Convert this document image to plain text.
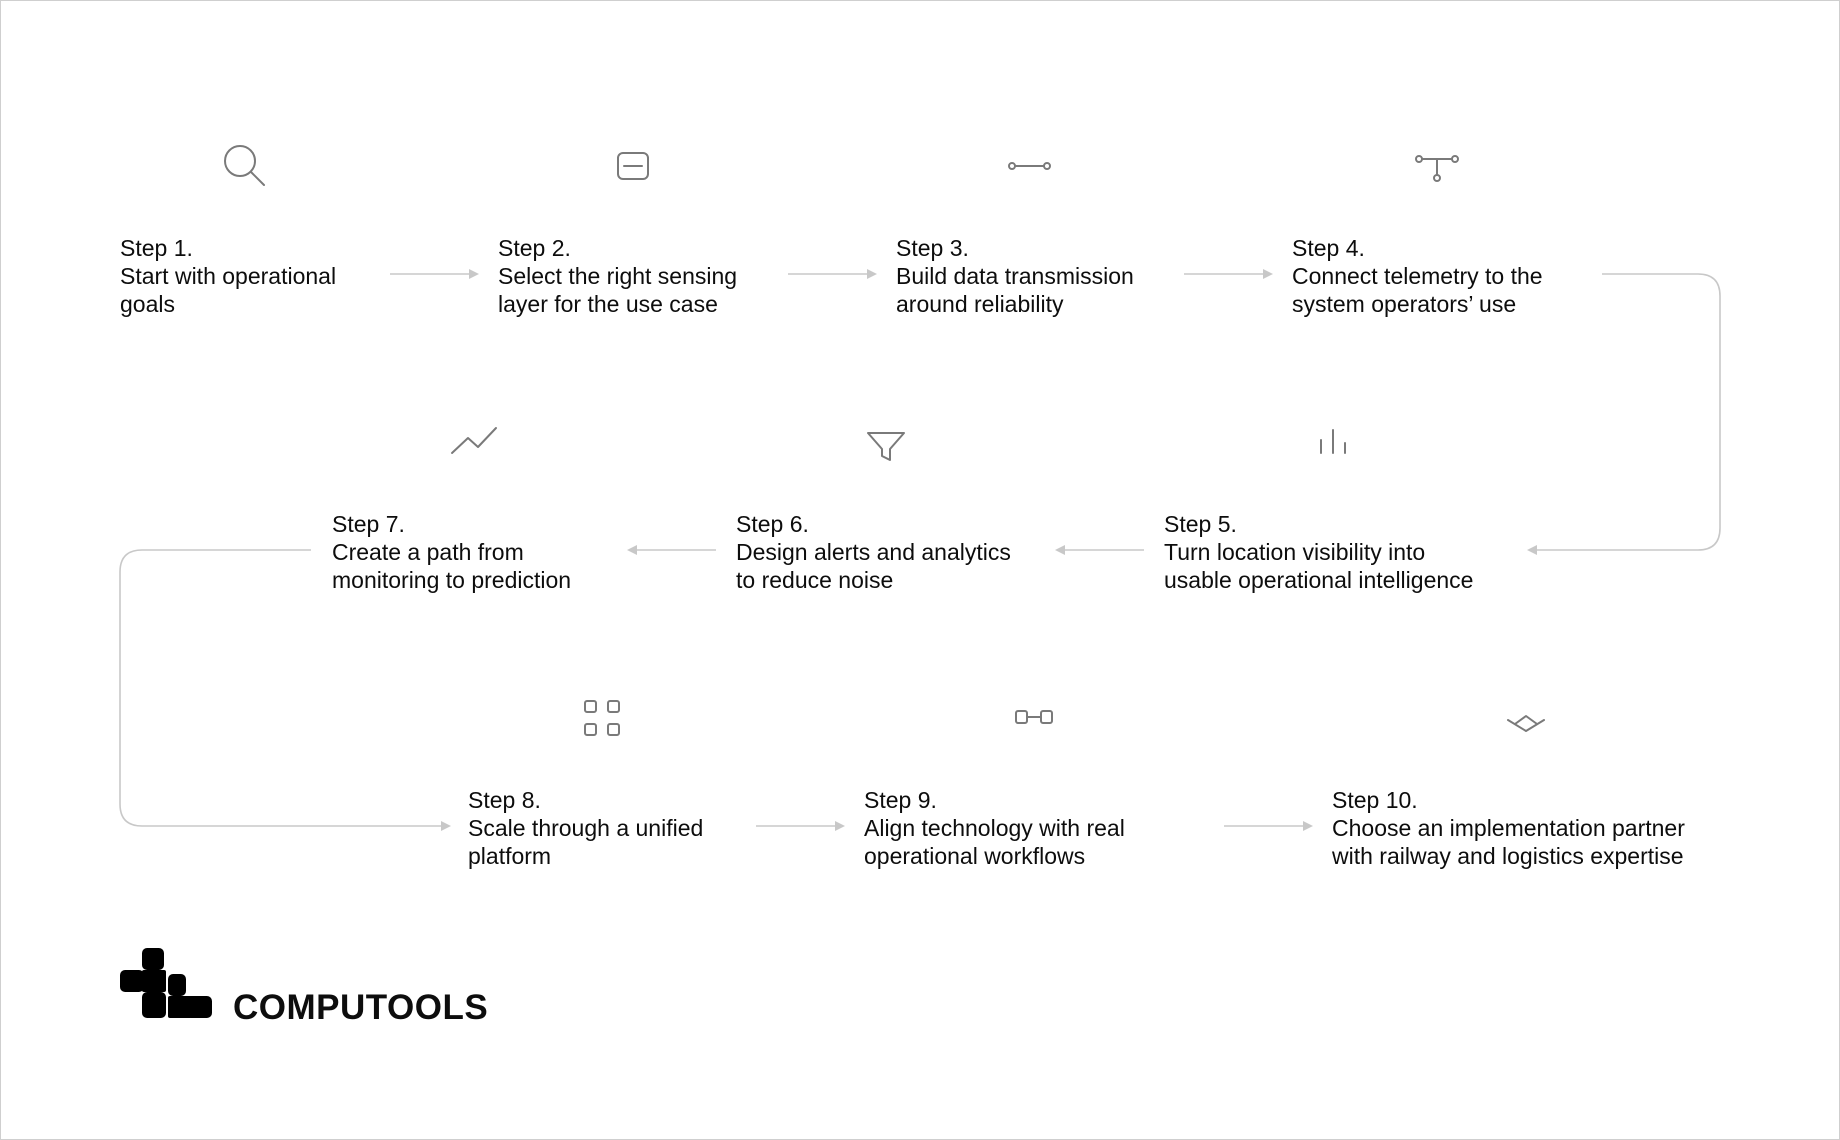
Step 1.
Start with operational
goals
Step 2.
Select the right sensing
layer for the use case
Step 3.
Build data transmission
around reliability
Step 4.
Connect telemetry to the
system operators’ use
Step 5.
Turn location visibility into
usable operational intelligence
Step 6.
Design alerts and analytics
to reduce noise
Step 7.
Create a path from
monitoring to prediction
Step 8.
Scale through a unified
platform
Step 9.
Align technology with real
operational workflows
Step 10.
Choose an implementation partner
with railway and logistics expertise
COMPUTOOLS
